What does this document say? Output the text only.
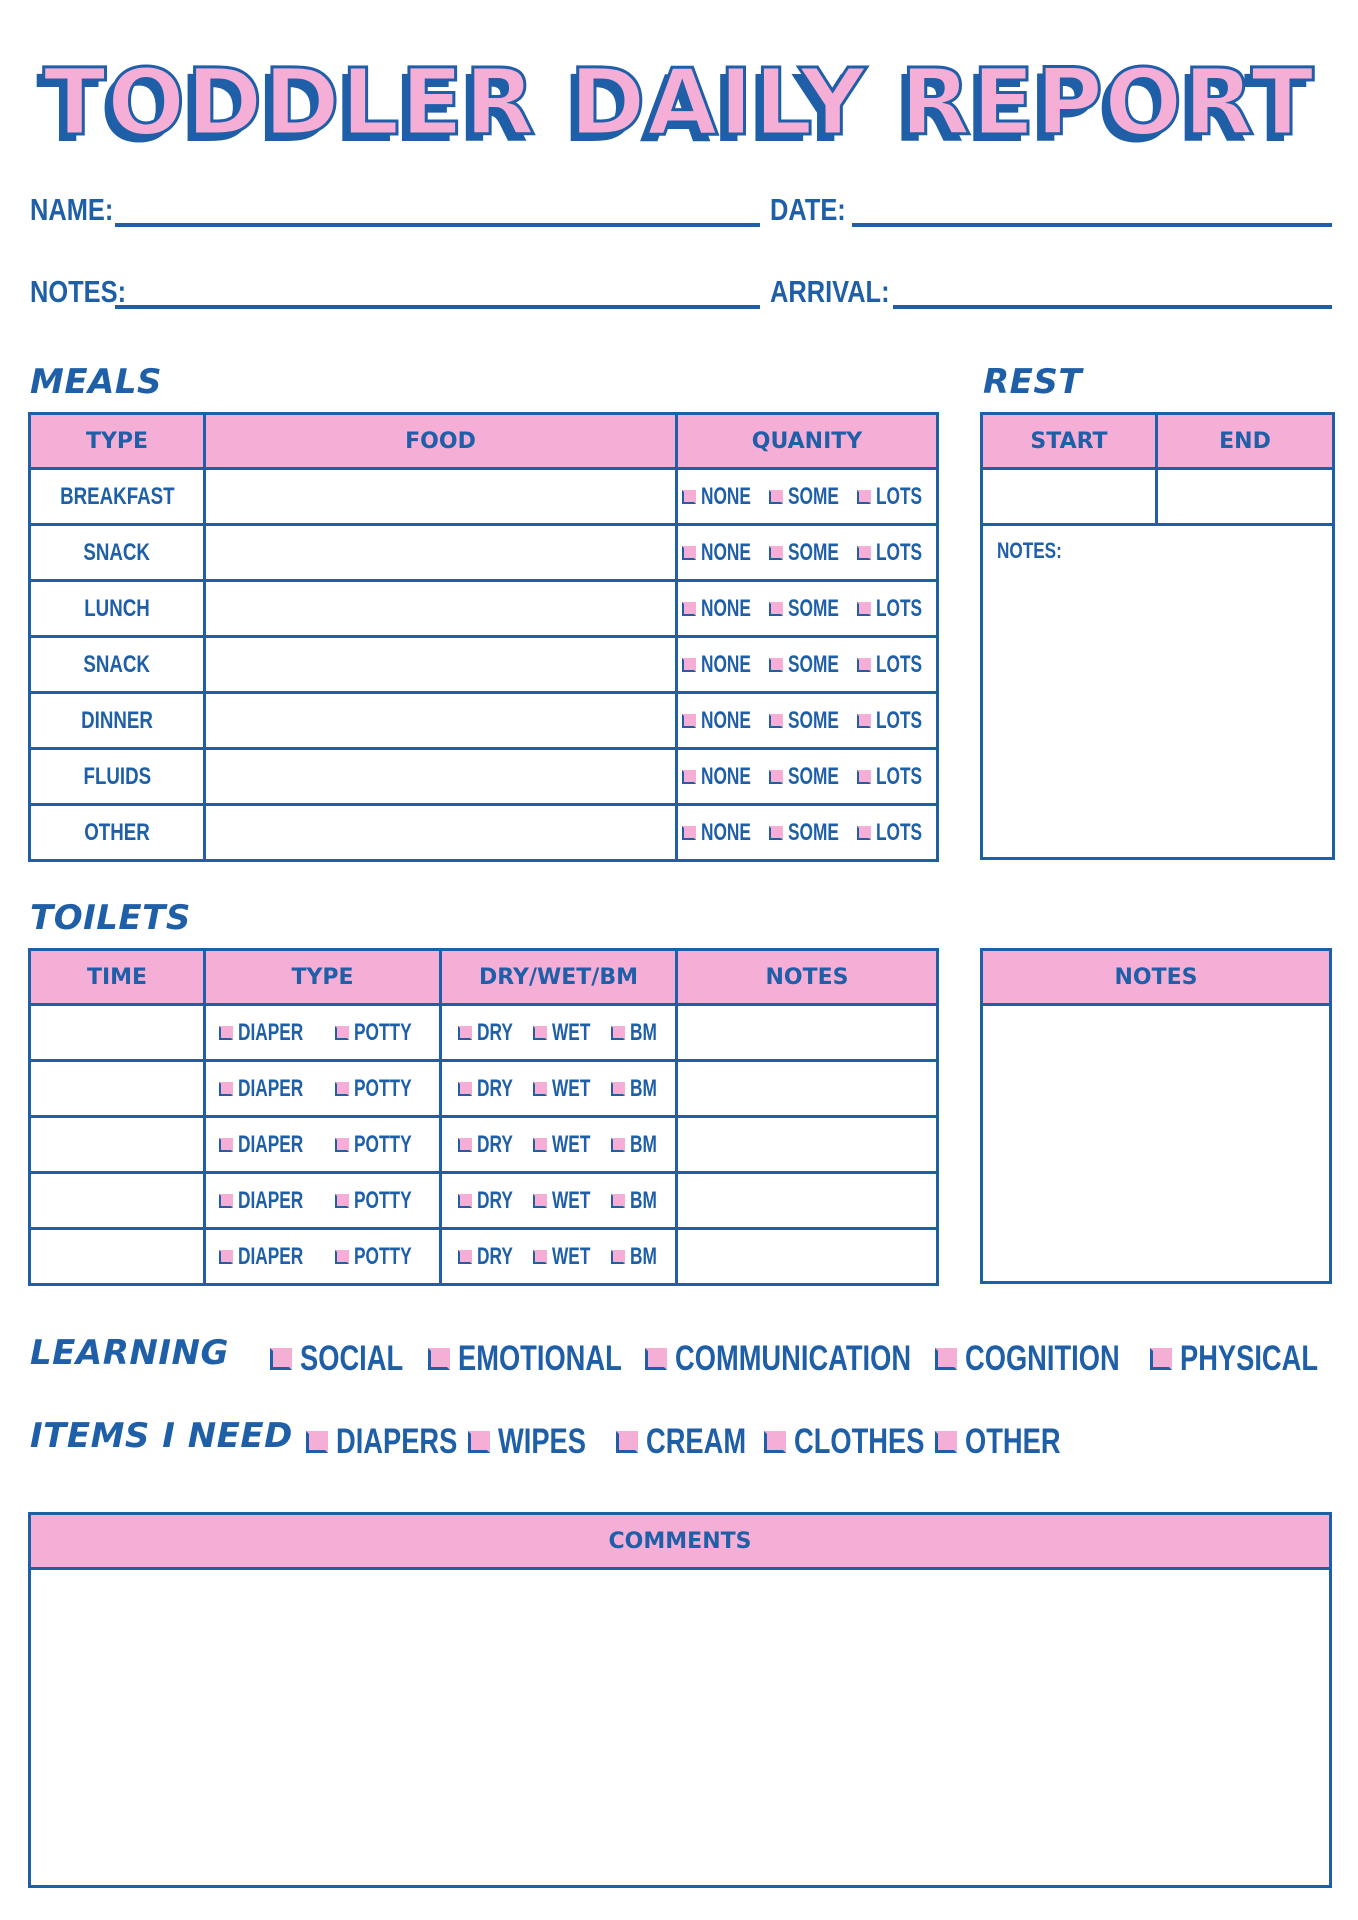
TODDLER DAILY REPORT
NAME:	DATE:
NOTES:	ARRIVAL:
MEALS
TYPE	FOOD	QUANITY
BREAKFAST		NONE SOME LOTS

SNACK		NONE SOME LOTS

LUNCH		NONE SOME LOTS

SNACK		NONE SOME LOTS

DINNER		NONE SOME LOTS

FLUIDS		NONE SOME LOTS

OTHER		NONE SOME LOTS
REST
START	END

NOTES:	
TOILETS
TIME	TYPE	DRY/WET/BM	NOTES

	DIAPER POTTY	DRY WET BM	

	DIAPER POTTY	DRY WET BM	

	DIAPER POTTY	DRY WET BM	

	DIAPER POTTY	DRY WET BM	

	DIAPER POTTY	DRY WET BM	

NOTES

LEARNING SOCIAL EMOTIONAL COMMUNICATION COGNITION PHYSICAL
ITEMS I NEED DIAPERS WIPES CREAM CLOTHES OTHER
COMMENTS
